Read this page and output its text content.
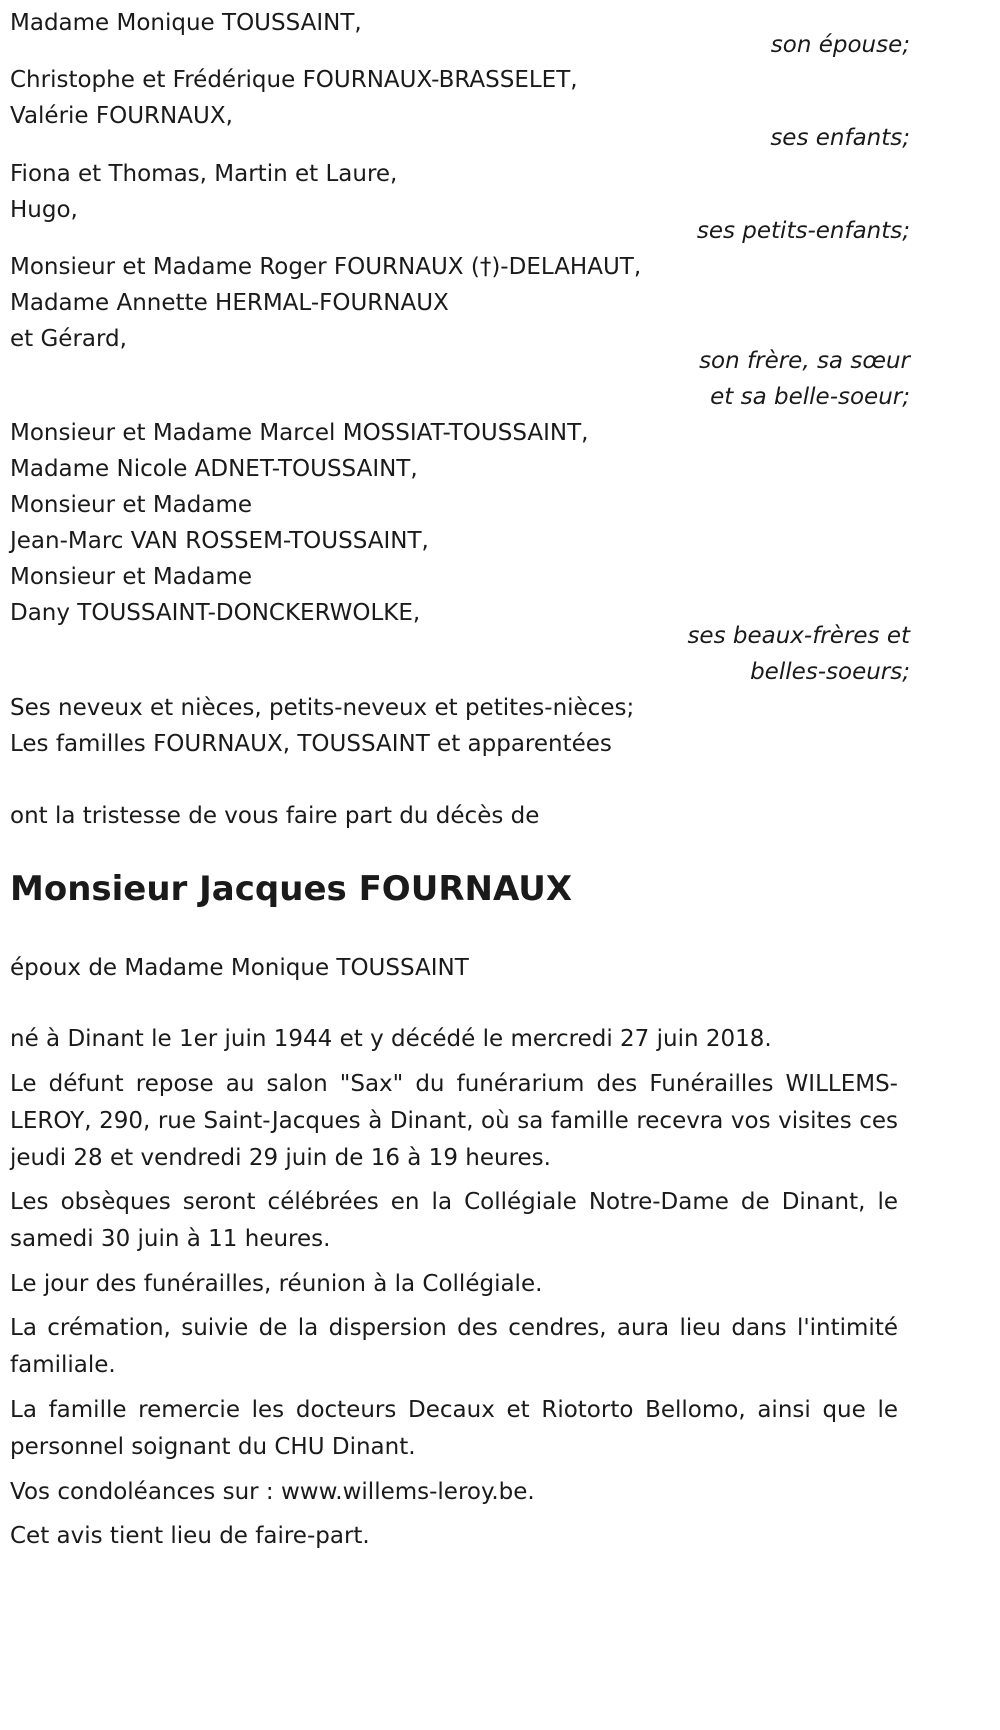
Madame Monique TOUSSAINT,
son épouse;
Christophe et Frédérique FOURNAUX-BRASSELET,
Valérie FOURNAUX,
ses enfants;
Fiona et Thomas, Martin et Laure,
Hugo,
ses petits-enfants;
Monsieur et Madame Roger FOURNAUX (†)-DELAHAUT,
Madame Annette HERMAL-FOURNAUX
et Gérard,
son frère, sa sœur
et sa belle-soeur;
Monsieur et Madame Marcel MOSSIAT-TOUSSAINT,
Madame Nicole ADNET-TOUSSAINT,
Monsieur et Madame
Jean-Marc VAN ROSSEM-TOUSSAINT,
Monsieur et Madame
Dany TOUSSAINT-DONCKERWOLKE,
ses beaux-frères et
belles-soeurs;
Ses neveux et nièces, petits-neveux et petites-nièces;
Les familles FOURNAUX, TOUSSAINT et apparentées
ont la tristesse de vous faire part du décès de
Monsieur Jacques FOURNAUX
époux de Madame Monique TOUSSAINT
né à Dinant le 1er juin 1944 et y décédé le mercredi 27 juin 2018.
Le défunt repose au salon "Sax" du funérarium des Funérailles WILLEMS-LEROY, 290, rue Saint-Jacques à Dinant, où sa famille recevra vos visites ces jeudi 28 et vendredi 29 juin de 16 à 19 heures.
Les obsèques seront célébrées en la Collégiale Notre-Dame de Dinant, le samedi 30 juin à 11 heures.
Le jour des funérailles, réunion à la Collégiale.
La crémation, suivie de la dispersion des cendres, aura lieu dans l'intimité familiale.
La famille remercie les docteurs Decaux et Riotorto Bellomo, ainsi que le personnel soignant du CHU Dinant.
Vos condoléances sur : www.willems-leroy.be.
Cet avis tient lieu de faire-part.
